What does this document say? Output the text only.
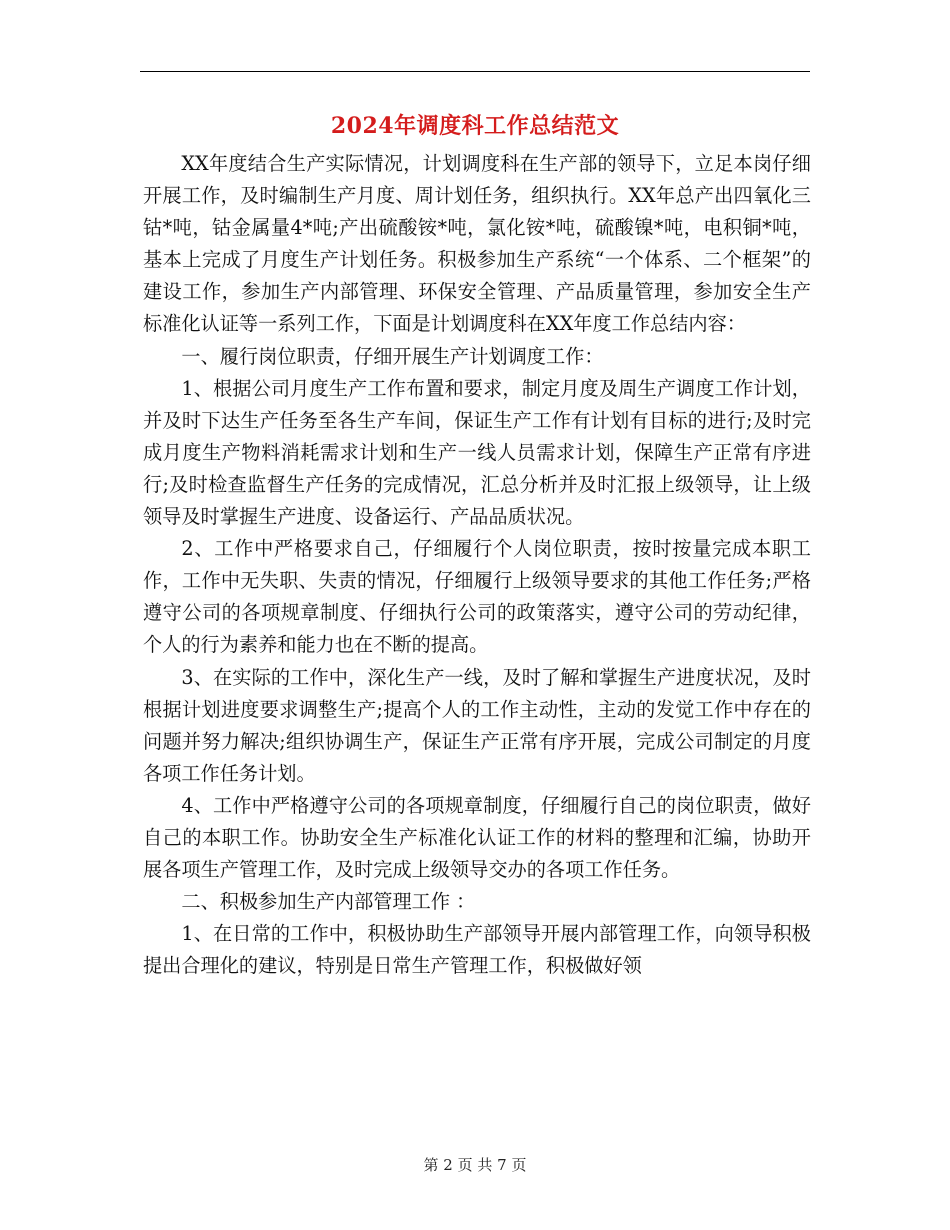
2024年调度科工作总结范文

XX年度结合生产实际情况，计划调度科在生产部的领导下，立足本岗仔细开展工作，及时编制生产月度、周计划任务，组织执行。XX年总产出四氧化三钴*吨，钴金属量4*吨;产出硫酸铵*吨，氯化铵*吨，硫酸镍*吨，电积铜*吨，基本上完成了月度生产计划任务。积极参加生产系统“一个体系、二个框架”的建设工作，参加生产内部管理、环保安全管理、产品质量管理，参加安全生产标准化认证等一系列工作，下面是计划调度科在XX年度工作总结内容：

一、履行岗位职责，仔细开展生产计划调度工作：

1、根据公司月度生产工作布置和要求，制定月度及周生产调度工作计划，并及时下达生产任务至各生产车间，保证生产工作有计划有目标的进行;及时完成月度生产物料消耗需求计划和生产一线人员需求计划，保障生产正常有序进行;及时检查监督生产任务的完成情况，汇总分析并及时汇报上级领导，让上级领导及时掌握生产进度、设备运行、产品品质状况。

2、工作中严格要求自己，仔细履行个人岗位职责，按时按量完成本职工作，工作中无失职、失责的情况，仔细履行上级领导要求的其他工作任务;严格遵守公司的各项规章制度、仔细执行公司的政策落实，遵守公司的劳动纪律，个人的行为素养和能力也在不断的提高。

3、在实际的工作中，深化生产一线，及时了解和掌握生产进度状况，及时根据计划进度要求调整生产;提高个人的工作主动性，主动的发觉工作中存在的问题并努力解决;组织协调生产，保证生产正常有序开展，完成公司制定的月度各项工作任务计划。

4、工作中严格遵守公司的各项规章制度，仔细履行自己的岗位职责，做好自己的本职工作。协助安全生产标准化认证工作的材料的整理和汇编，协助开展各项生产管理工作，及时完成上级领导交办的各项工作任务。

二、积极参加生产内部管理工作 ：

1、在日常的工作中，积极协助生产部领导开展内部管理工作，向领导积极提出合理化的建议，特别是日常生产管理工作，积极做好领

第 2 页 共 7 页
